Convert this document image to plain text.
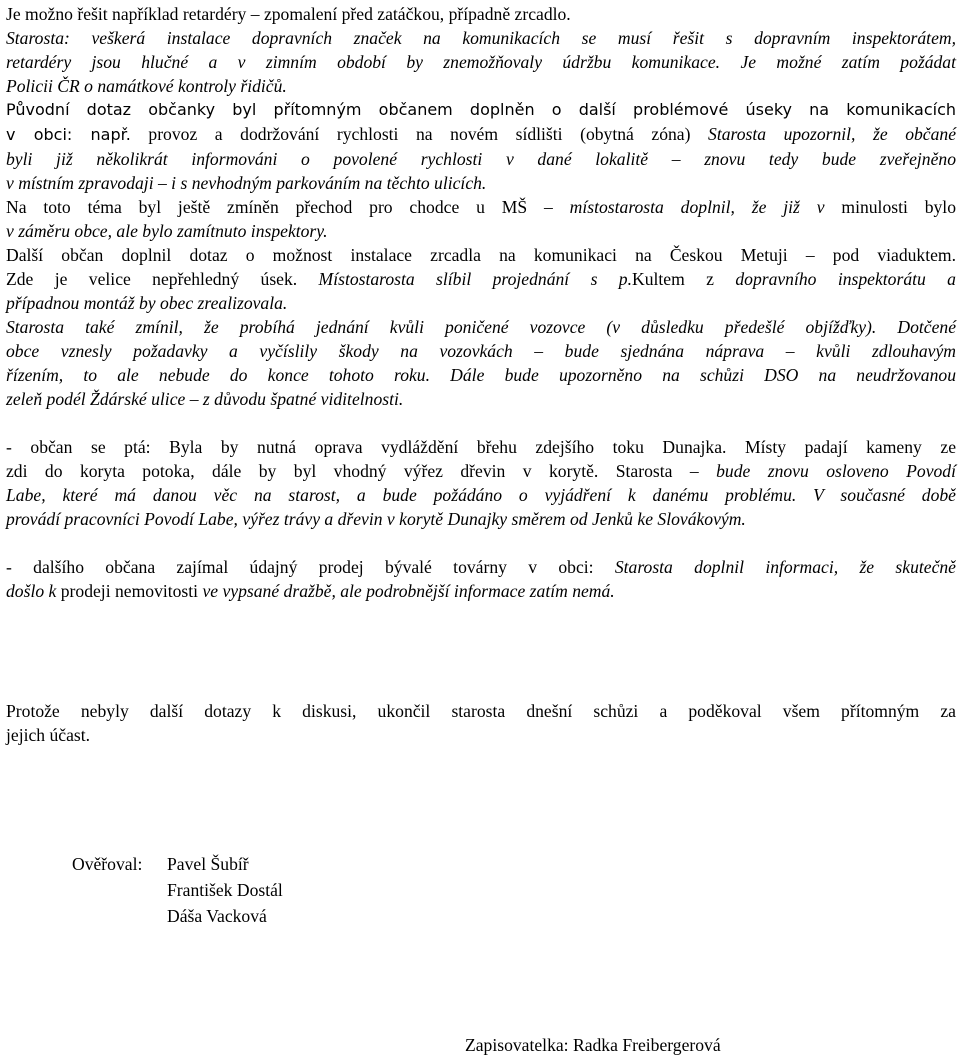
Je možno řešit například retardéry – zpomalení před zatáčkou, případně zrcadlo.
Starosta: veškerá instalace dopravních značek na komunikacích se musí řešit s dopravním inspektorátem,
retardéry jsou hlučné a v zimním období by znemožňovaly údržbu komunikace. Je možné zatím požádat
Policii ČR o namátkové kontroly řidičů.
Původní dotaz občanky byl přítomným občanem doplněn o další problémové úseky na komunikacích
v obci: např. provoz a dodržování rychlosti na novém sídlišti (obytná zóna) Starosta upozornil, že občané
byli již několikrát informováni o povolené rychlosti v dané lokalitě – znovu tedy bude zveřejněno
v místním zpravodaji – i s nevhodným parkováním na těchto ulicích.
Na toto téma byl ještě zmíněn přechod pro chodce u MŠ – místostarosta doplnil, že již v minulosti bylo
v záměru obce, ale bylo zamítnuto inspektory.
Další občan doplnil dotaz o možnost instalace zrcadla na komunikaci na Českou Metuji – pod viaduktem.
Zde je velice nepřehledný úsek. Místostarosta slíbil projednání s p.Kultem z dopravního inspektorátu a
případnou montáž by obec zrealizovala.
Starosta také zmínil, že probíhá jednání kvůli poničené vozovce (v důsledku předešlé objížďky). Dotčené
obce vznesly požadavky a vyčíslily škody na vozovkách – bude sjednána náprava – kvůli zdlouhavým
řízením, to ale nebude do konce tohoto roku. Dále bude upozorněno na schůzi DSO na neudržovanou
zeleň podél Ždárské ulice – z důvodu špatné viditelnosti.
- občan se ptá: Byla by nutná oprava vydláždění břehu zdejšího toku Dunajka. Místy padají kameny ze
zdi do koryta potoka, dále by byl vhodný výřez dřevin v korytě. Starosta – bude znovu osloveno Povodí
Labe, které má danou věc na starost, a bude požádáno o vyjádření k danému problému. V současné době
provádí pracovníci Povodí Labe, výřez trávy a dřevin v korytě Dunajky směrem od Jenků ke Slovákovým.
- dalšího občana zajímal údajný prodej bývalé továrny v obci: Starosta doplnil informaci, že skutečně
došlo k prodeji nemovitosti ve vypsané dražbě, ale podrobnější informace zatím nemá.
Protože nebyly další dotazy k diskusi, ukončil starosta dnešní schůzi a poděkoval všem přítomným za
jejich účast.
Ověřoval:	Pavel Šubíř
František Dostál
Dáša Vacková
Zapisovatelka: Radka Freibergerová
